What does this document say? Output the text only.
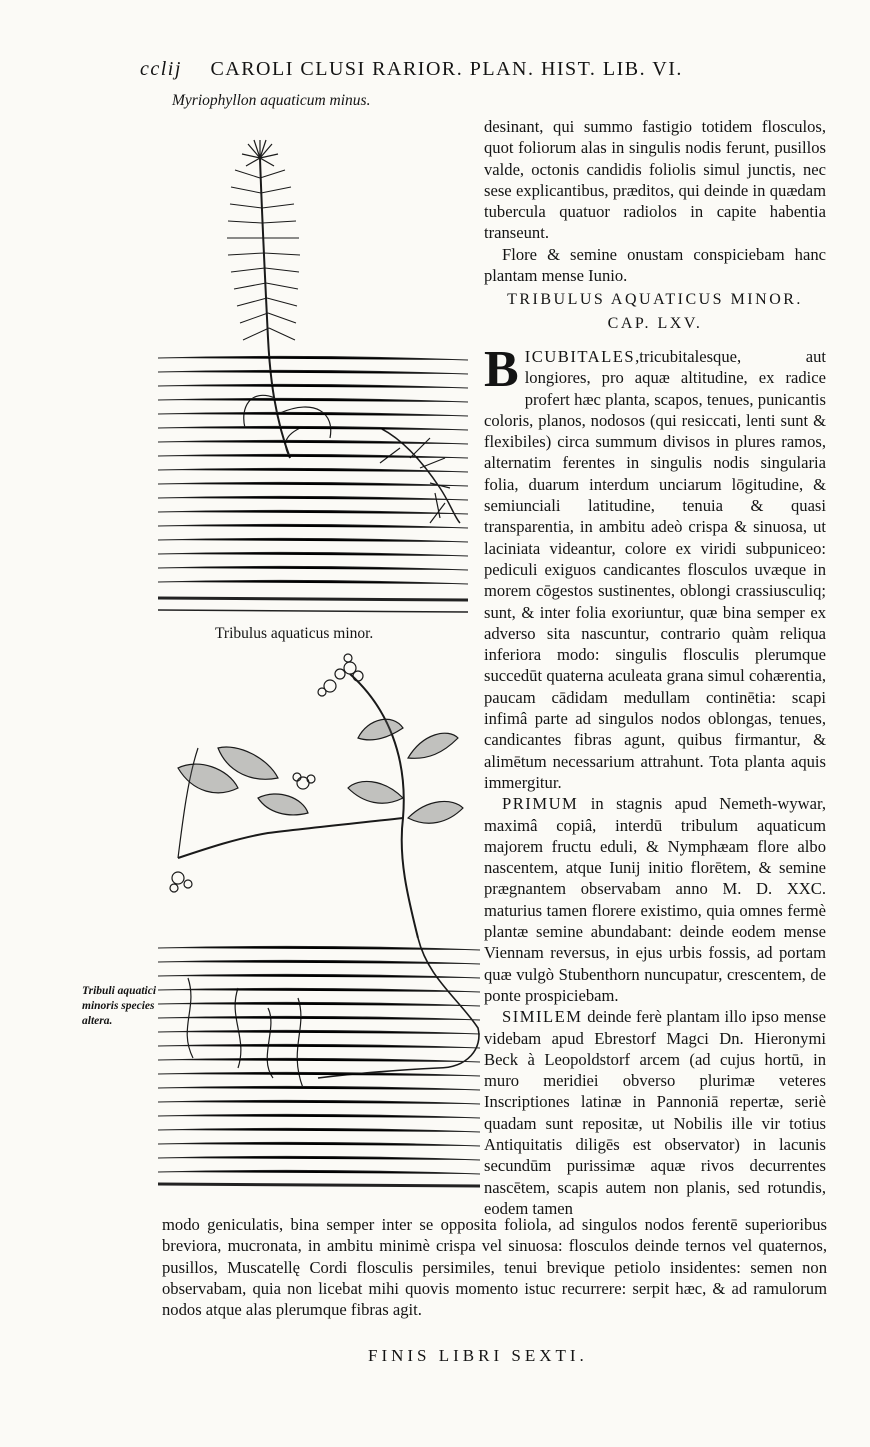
cclij CAROLI CLUSI RARIOR. PLAN. HIST. LIB. VI.
Myriophyllon aquaticum minus.
Tribulus aquaticus minor.

desinant, qui summo fastigio totidem flosculos, quot foliorum alas in singulis nodis ferunt, pusillos valde, octonis candidis foliolis simul junctis, nec sese explicantibus, præditos, qui deinde in quædam tubercula quatuor radiolos in capite habentia transeunt.

Flore & semine onustam conspiciebam hanc plantam mense Iunio.

TRIBULUS AQUATICUS MINOR.
CAP. LXV.

BICUBITALES,tricubitalesque, aut longiores, pro aquæ altitudine, ex radice profert hæc planta, scapos, tenues, punicantis coloris, planos, nodosos (qui resiccati, lenti sunt & flexibiles) circa summum divisos in plures ramos, alternatim ferentes in singulis nodis singularia folia, duarum interdum unciarum lōgitudine, & semiunciali latitudine, tenuia & quasi transparentia, in ambitu adeò crispa & sinuosa, ut laciniata videantur, colore ex viridi subpuniceo: pediculi exiguos candicantes flosculos uvæque in morem cōgestos sustinentes, oblongi crassiusculiq; sunt, & inter folia exoriuntur, quæ bina semper ex adverso sita nascuntur, contrario quàm reliqua inferiora modo: singulis flosculis plerumque succedūt quaterna aculeata grana simul cohærentia, paucam cādidam medullam continētia: scapi infimâ parte ad singulos nodos oblongas, tenues, candicantes fibras agunt, quibus firmantur, & alimētum necessarium attrahunt. Tota planta aquis immergitur.

PRIMUM in stagnis apud Nemeth-wywar, maximâ copiâ, interdū tribulum aquaticum majorem fructu eduli, & Nymphæam flore albo nascentem, atque Iunij initio florētem, & semine prægnantem observabam anno M. D. XXC. maturius tamen florere existimo, quia omnes fermè plantæ semine abundabant: deinde eodem mense Viennam reversus, in ejus urbis fossis, ad portam quæ vulgò Stubenthorn nuncupatur, crescentem, de ponte prospiciebam.

SIMILEM deinde ferè plantam illo ipso mense videbam apud Ebrestorf Magci Dn. Hieronymi Beck à Leopoldstorf arcem (ad cujus hortū, in muro meridiei obverso plurimæ veteres Inscriptiones latinæ in Pannoniā repertæ, seriè quadam sunt repositæ, ut Nobilis ille vir totius Antiquitatis diligēs est observator) in lacunis secundūm purissimæ aquæ rivos decurrentes nascētem, scapis autem non planis, sed rotundis, eodem tamen

Tribuli aquatici minoris species altera.
modo geniculatis, bina semper inter se opposita foliola, ad singulos nodos ferentē superioribus breviora, mucronata, in ambitu minimè crispa vel sinuosa: flosculos deinde ternos vel quaternos, pusillos, Muscatellę Cordi flosculis persimiles, tenui brevique petiolo insidentes: semen non observabam, quia non licebat mihi quovis momento istuc recurrere: serpit hæc, & ad ramulorum nodos atque alas plerumque fibras agit.
FINIS LIBRI SEXTI.
